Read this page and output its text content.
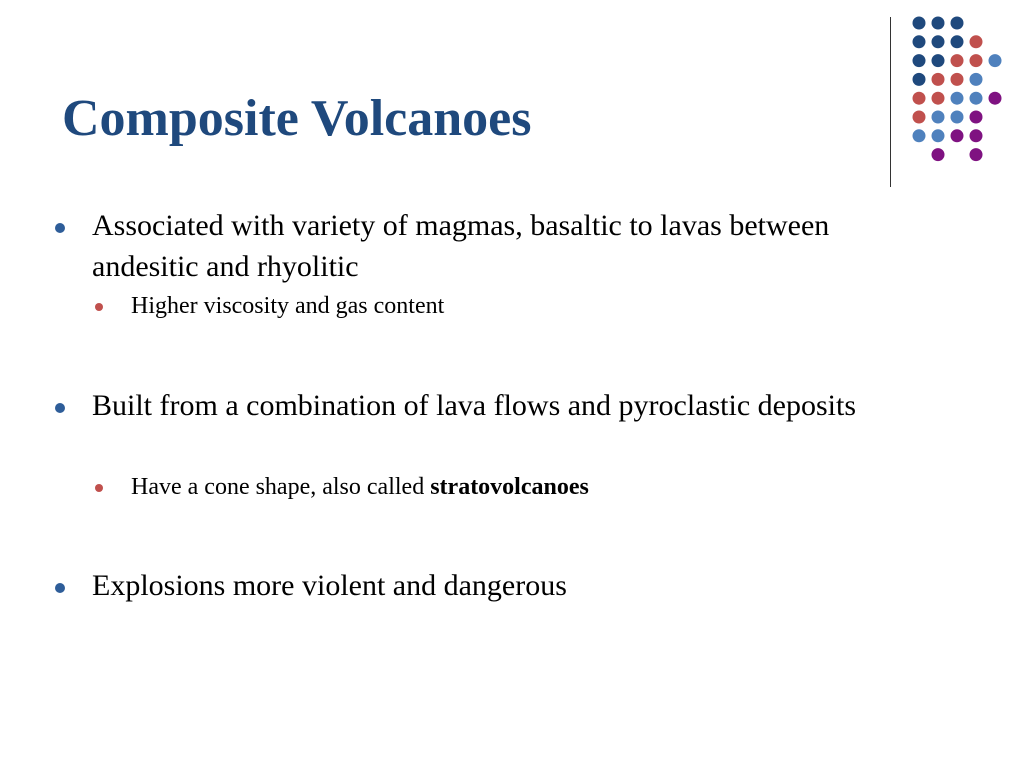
Composite Volcanoes
Associated with variety of magmas, basaltic to lavas between andesitic and rhyolitic
Higher viscosity and gas content
Built from a combination of lava flows and pyroclastic deposits
Have a cone shape, also called stratovolcanoes
Explosions more violent and dangerous
